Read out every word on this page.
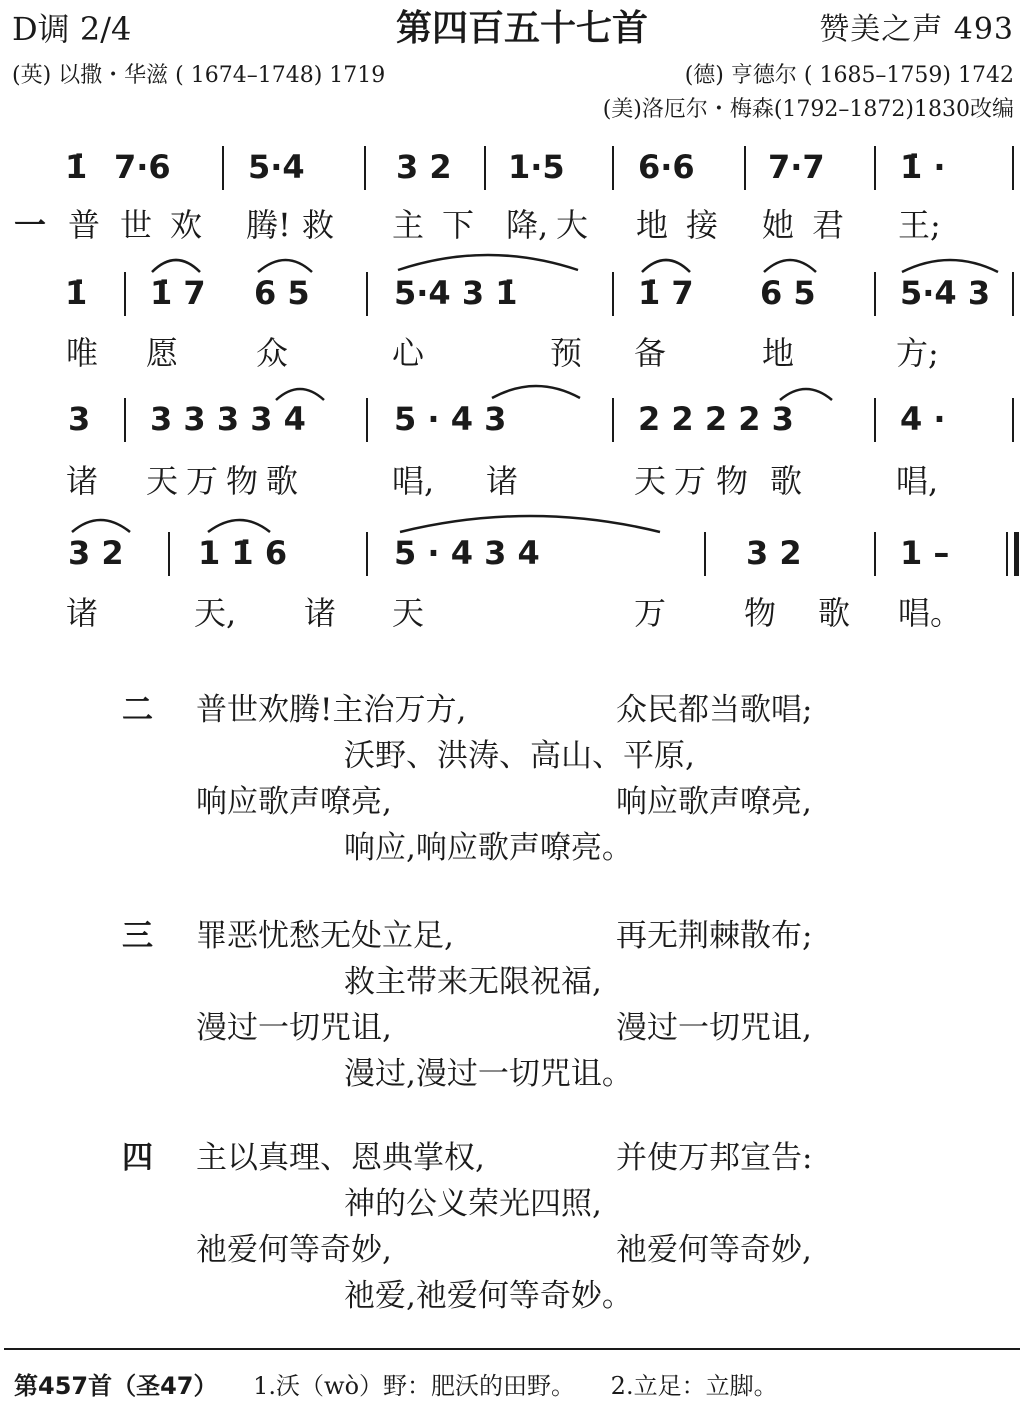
D调 2/4	第四百五十七首	赞美之声 493
(英) 以撒・华滋 ( 1674–1748) 1719	(德) 亨德尔 ( 1685–1759) 1742
(美)洛厄尔・梅森(1792–1872)1830改编
1̇ 7·6 5·4	3 2 1·5 6·6 7·7 1̇ ·
一 普 世 欢 腾! 救 主 下 降, 大 地 接 她 君 王;
1̇ 1̇ 7 6 5	5·4 3 1̇	1̇ 7 6 5	5·4 3
唯 愿 众	心	预 备	地	方;
3 3 3 3 3 4	5 · 4 3	2 2 2 2 3	4 ·
诸 天 万 物 歌	唱, 诸	天 万 物 歌	唱,
3 2 1 1̇ 6	5 · 4 3 4	3 2	1 –
诸	天, 诸 天	万 物 歌 唱。
二 普世欢腾!主治万方,	众民都当歌唱;
沃野、洪涛、高山、平原,
响应歌声嘹亮,	响应歌声嘹亮,
响应,响应歌声嘹亮。
三 罪恶忧愁无处立足,	再无荆棘散布;
救主带来无限祝福,
漫过一切咒诅,	漫过一切咒诅,
漫过,漫过一切咒诅。
四 主以真理、恩典掌权,	并使万邦宣告:
神的公义荣光四照,
祂爱何等奇妙,	祂爱何等奇妙,
祂爱,祂爱何等奇妙。
第457首（圣47） 1.沃（wò）野：肥沃的田野。 2.立足：立脚。
